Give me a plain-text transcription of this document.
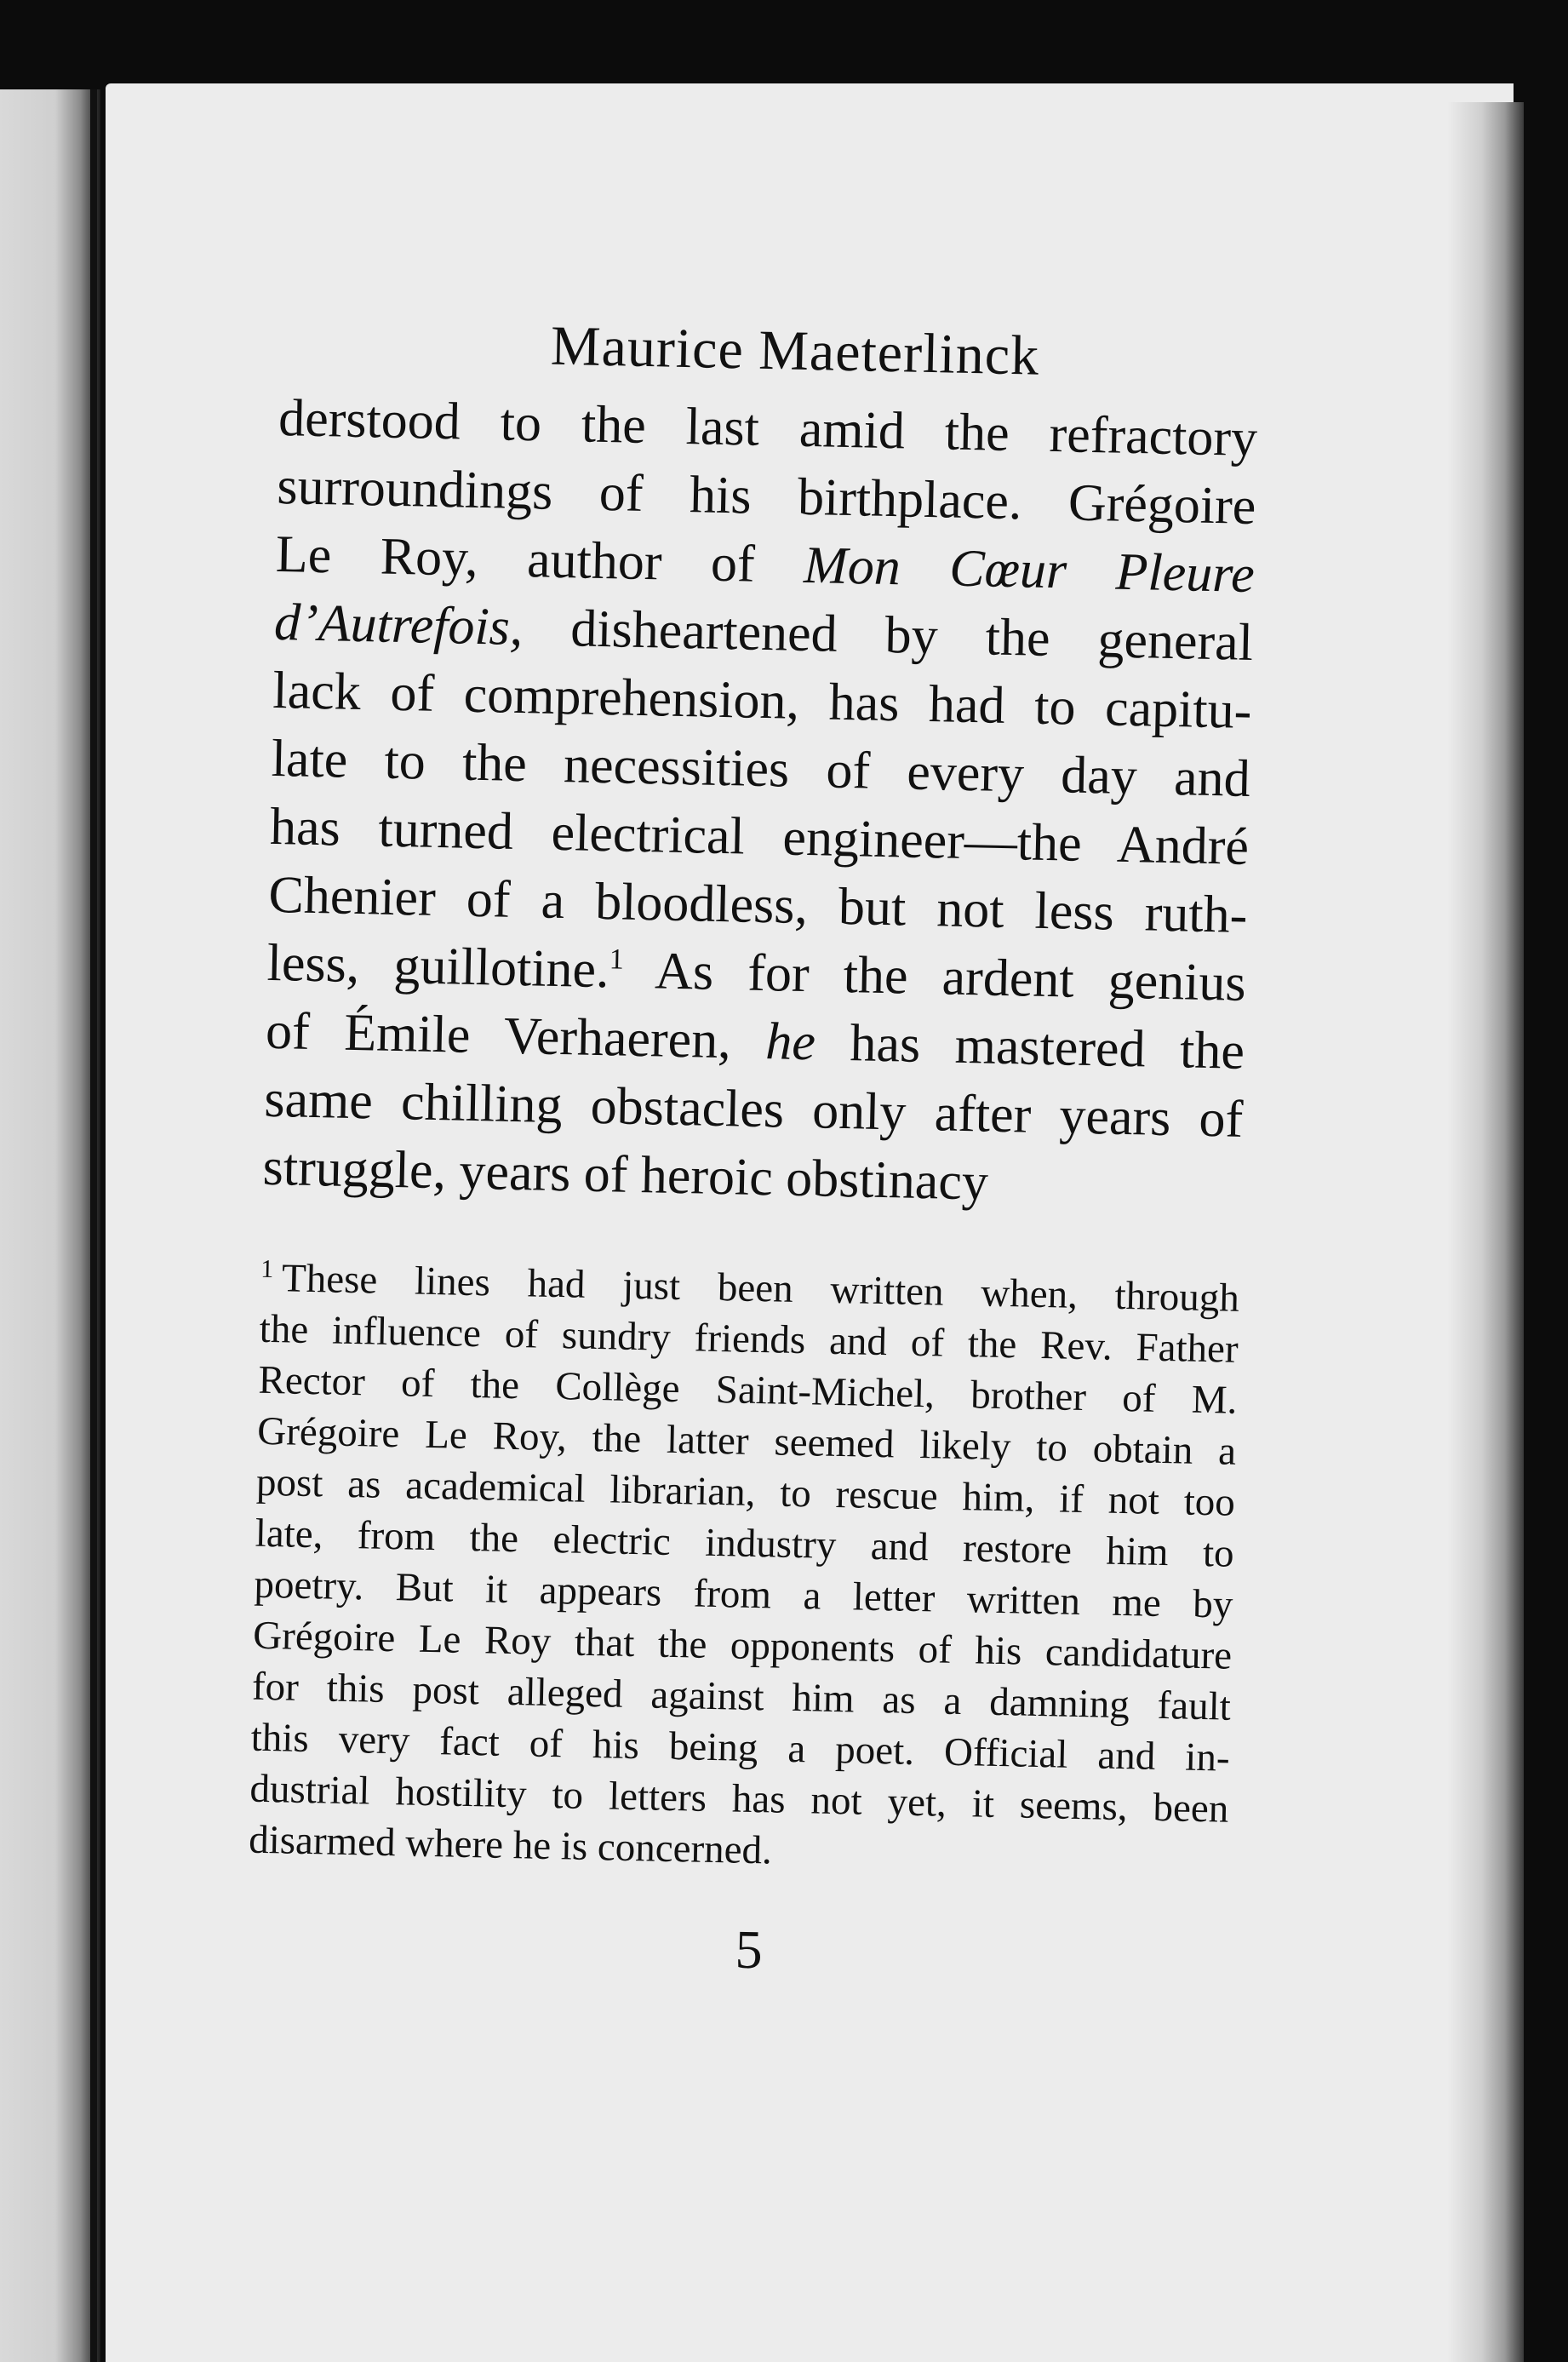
Maurice Maeterlinck
derstood to the last amid the refractory
surroundings of his birthplace. Grégoire
Le Roy, author of Mon Cœur Pleure
d’Autrefois, disheartened by the general
lack of comprehension, has had to capitu-
late to the necessities of every day and
has turned electrical engineer—the André
Chenier of a bloodless, but not less ruth-
less, guillotine.$^1$ As for the ardent genius
of Émile Verhaeren, he has mastered the
same chilling obstacles only after years of
struggle, years of heroic obstinacy
$^1$ These lines had just been written when, through
the influence of sundry friends and of the Rev. Father
Rector of the Collège Saint-Michel, brother of M.
Grégoire Le Roy, the latter seemed likely to obtain a
post as academical librarian, to rescue him, if not too
late, from the electric industry and restore him to
poetry. But it appears from a letter written me by
Grégoire Le Roy that the opponents of his candidature
for this post alleged against him as a damning fault
this very fact of his being a poet. Official and in-
dustrial hostility to letters has not yet, it seems, been
disarmed where he is concerned.
5
